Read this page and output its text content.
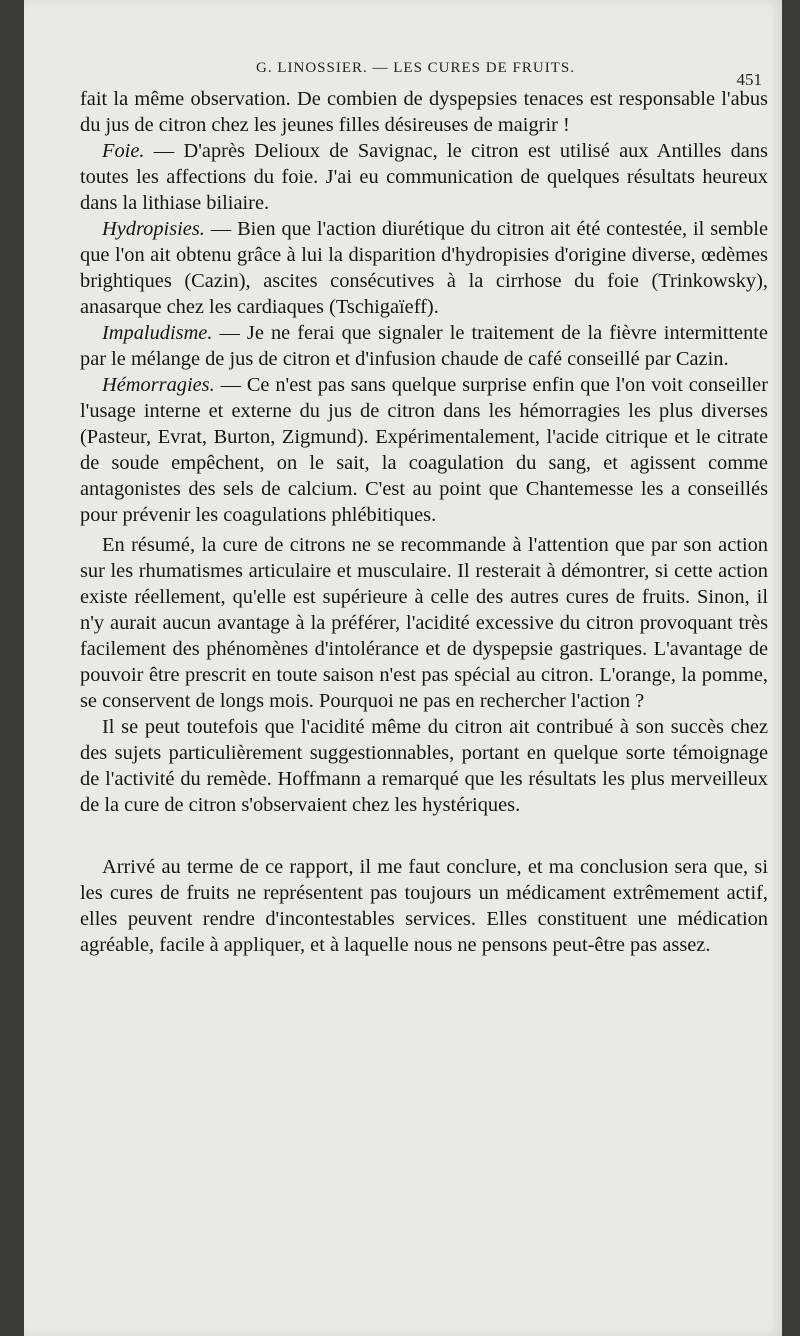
G. LINOSSIER. — LES CURES DE FRUITS.
451

fait la même observation. De combien de dyspepsies tenaces est responsable l'abus du jus de citron chez les jeunes filles désireuses de maigrir !

Foie. — D'après Delioux de Savignac, le citron est utilisé aux Antilles dans toutes les affections du foie. J'ai eu communication de quelques résultats heureux dans la lithiase biliaire.

Hydropisies. — Bien que l'action diurétique du citron ait été contestée, il semble que l'on ait obtenu grâce à lui la disparition d'hydropisies d'origine diverse, œdèmes brightiques (Cazin), ascites consécutives à la cirrhose du foie (Trinkowsky), anasarque chez les cardiaques (Tschigaïeff).

Impaludisme. — Je ne ferai que signaler le traitement de la fièvre intermittente par le mélange de jus de citron et d'infusion chaude de café conseillé par Cazin.

Hémorragies. — Ce n'est pas sans quelque surprise enfin que l'on voit conseiller l'usage interne et externe du jus de citron dans les hémorragies les plus diverses (Pasteur, Evrat, Burton, Zigmund). Expérimentalement, l'acide citrique et le citrate de soude empêchent, on le sait, la coagulation du sang, et agissent comme antagonistes des sels de calcium. C'est au point que Chantemesse les a conseillés pour prévenir les coagulations phlébitiques.

En résumé, la cure de citrons ne se recommande à l'attention que par son action sur les rhumatismes articulaire et musculaire. Il resterait à démontrer, si cette action existe réellement, qu'elle est supérieure à celle des autres cures de fruits. Sinon, il n'y aurait aucun avantage à la préférer, l'acidité excessive du citron provoquant très facilement des phénomènes d'intolérance et de dyspepsie gastriques. L'avantage de pouvoir être prescrit en toute saison n'est pas spécial au citron. L'orange, la pomme, se conservent de longs mois. Pourquoi ne pas en rechercher l'action ?

Il se peut toutefois que l'acidité même du citron ait contribué à son succès chez des sujets particulièrement suggestionnables, portant en quelque sorte témoignage de l'activité du remède. Hoffmann a remarqué que les résultats les plus merveilleux de la cure de citron s'observaient chez les hystériques.

Arrivé au terme de ce rapport, il me faut conclure, et ma conclusion sera que, si les cures de fruits ne représentent pas toujours un médicament extrêmement actif, elles peuvent rendre d'incontestables services. Elles constituent une médication agréable, facile à appliquer, et à laquelle nous ne pensons peut-être pas assez.
